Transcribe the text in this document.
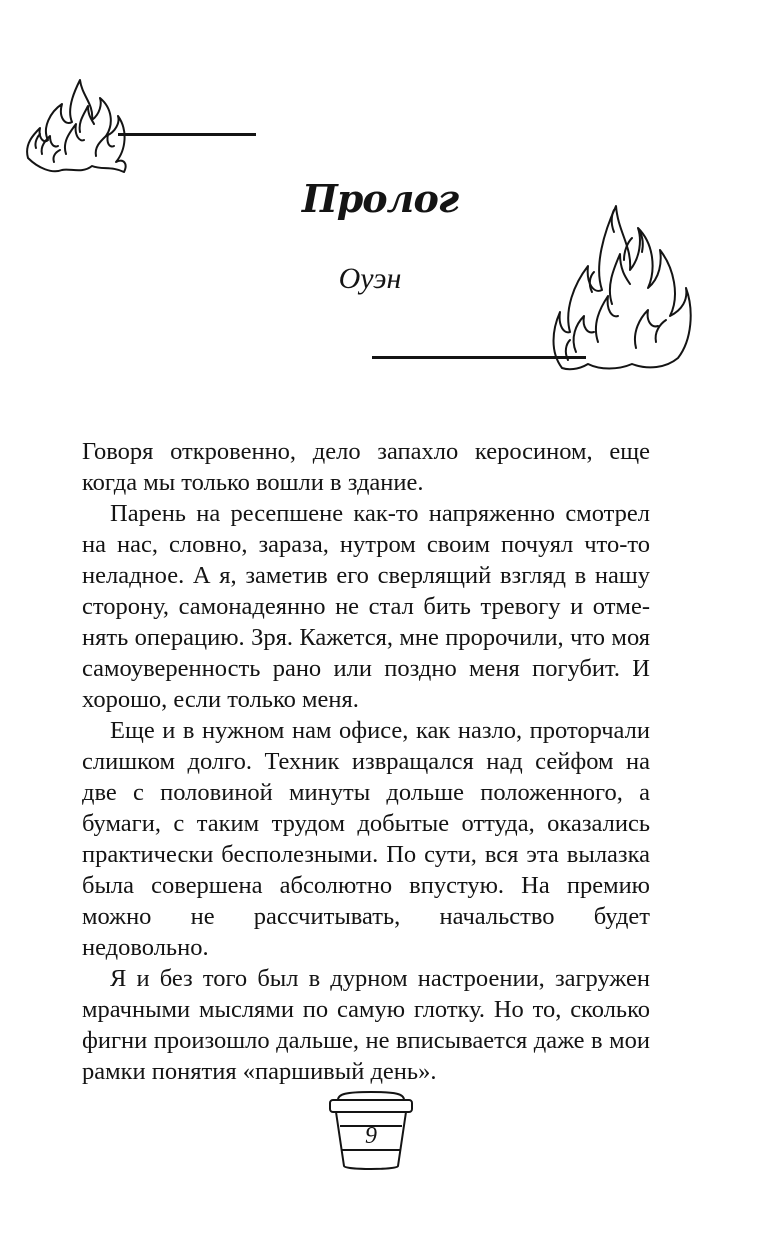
Пролог
Оуэн

Говоря откровенно, дело запахло керосином, еще когда мы только вошли в здание.

Парень на ресепшене как-то напряженно смотрел на нас, словно, зараза, нутром своим почуял что-то неладное. А я, заметив его сверлящий взгляд в нашу сторону, самонадеянно не стал бить тревогу и отменять операцию. Зря. Кажется, мне пророчили, что моя самоуверенность рано или поздно меня погубит. И хорошо, если только меня.

Еще и в нужном нам офисе, как назло, проторчали слишком долго. Техник извращался над сейфом на две с половиной минуты дольше положенного, а бумаги, с таким трудом добытые оттуда, оказались практически бесполезными. По сути, вся эта вылазка была совершена абсолютно впустую. На премию можно не рассчитывать, начальство будет недовольно.

Я и без того был в дурном настроении, загружен мрачными мыслями по самую глотку. Но то, сколько фигни произошло дальше, не вписывается даже в мои рамки понятия «паршивый день».

9
